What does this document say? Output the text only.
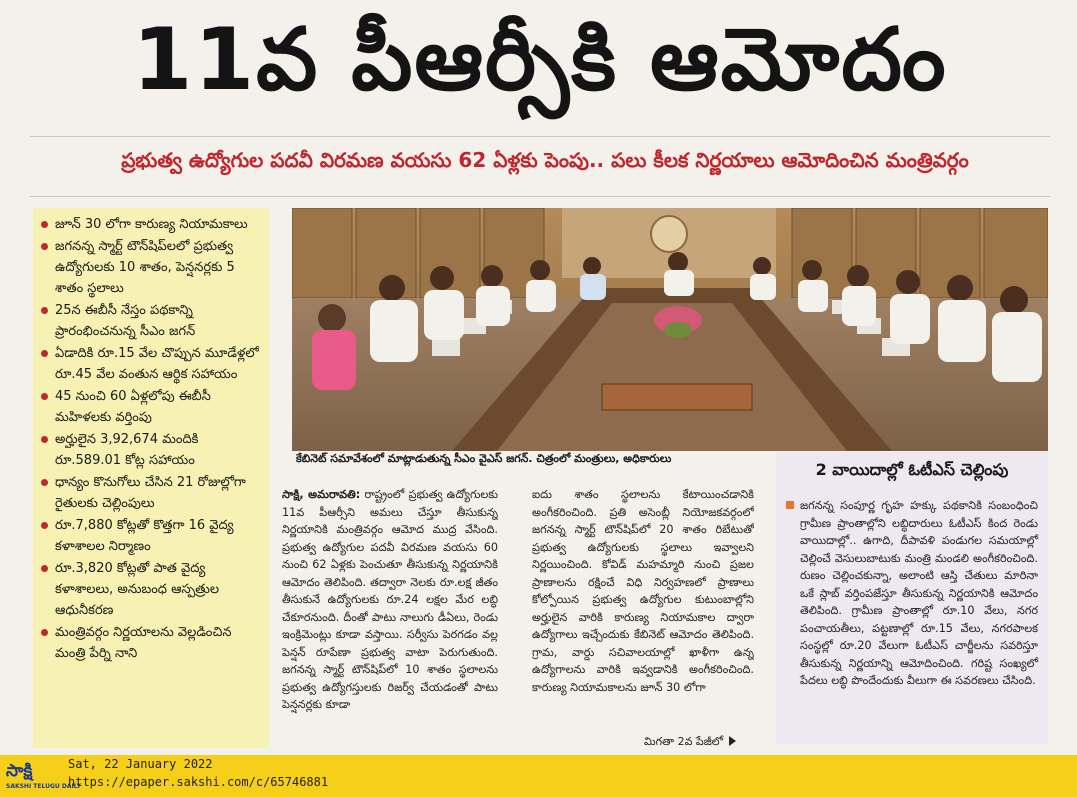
11వ పీఆర్సీకి ఆమోదం
ప్రభుత్వ ఉద్యోగుల పదవీ విరమణ వయసు 62 ఏళ్లకు పెంపు.. పలు కీలక నిర్ణయాలు ఆమోదించిన మంత్రివర్గం
జూన్ 30 లోగా కారుణ్య నియామకాలు
జగనన్న స్మార్ట్ టౌన్‌షిప్‌లలో ప్రభుత్వ ఉద్యోగులకు 10 శాతం, పెన్షనర్లకు 5 శాతం స్థలాలు
25న ఈబీసీ నేస్తం పథకాన్ని ప్రారంభించనున్న సీఎం జగన్
ఏడాదికి రూ.15 వేల చొప్పున మూడేళ్లలో రూ.45 వేల వంతున ఆర్థిక సహాయం
45 నుంచి 60 ఏళ్లలోపు ఈబీసీ మహిళలకు వర్తింపు
అర్హులైన 3,92,674 మందికి రూ.589.01 కోట్ల సహాయం
ధాన్యం కొనుగోలు చేసిన 21 రోజుల్లోగా రైతులకు చెల్లింపులు
రూ.7,880 కోట్లతో కొత్తగా 16 వైద్య కళాశాలల నిర్మాణం
రూ.3,820 కోట్లతో పాత వైద్య కళాశాలలు, అనుబంధ ఆస్పత్రుల ఆధునీకరణ
మంత్రివర్గం నిర్ణయాలను వెల్లడించిన మంత్రి పేర్ని నాని
కేబినెట్ సమావేశంలో మాట్లాడుతున్న సీఎం వైఎస్ జగన్. చిత్రంలో మంత్రులు, అధికారులు
సాక్షి, అమరావతి: రాష్ట్రంలో ప్రభుత్వ ఉద్యోగులకు 11వ పీఆర్సీని అమలు చేస్తూ తీసుకున్న నిర్ణయానికి మంత్రివర్గం ఆమోద ముద్ర వేసింది. ప్రభుత్వ ఉద్యోగుల పదవీ విరమణ వయసు 60 నుంచి 62 ఏళ్లకు పెంచుతూ తీసుకున్న నిర్ణయానికి ఆమోదం తెలిపింది. తద్వారా నెలకు రూ.లక్ష జీతం తీసుకునే ఉద్యోగులకు రూ.24 లక్షల మేర లబ్ధి చేకూరనుంది. దీంతో పాటు నాలుగు డీఏలు, రెండు ఇంక్రిమెంట్లు కూడా వస్తాయి. సర్వీసు పెరగడం వల్ల పెన్షన్ రూపేణా ప్రభుత్వ వాటా పెరుగుతుంది. జగనన్న స్మార్ట్ టౌన్‌షిప్‌లో 10 శాతం స్థలాలను ప్రభుత్వ ఉద్యోగస్తులకు రిజర్వ్ చేయడంతో పాటు పెన్షనర్లకు కూడా
ఐదు శాతం స్థలాలను కేటాయించడానికి అంగీకరించింది. ప్రతి అసెంబ్లీ నియోజకవర్గంలో జగనన్న స్మార్ట్ టౌన్‌షిప్‌లో 20 శాతం రిబేటుతో ప్రభుత్వ ఉద్యోగులకు స్థలాలు ఇవ్వాలని నిర్ణయించింది. కోవిడ్ మహమ్మారి నుంచి ప్రజల ప్రాణాలను రక్షించే విధి నిర్వహణలో ప్రాణాలు కోల్పోయిన ప్రభుత్వ ఉద్యోగుల కుటుంబాల్లోని అర్హులైన వారికి కారుణ్య నియామకాల ద్వారా ఉద్యోగాలు ఇచ్చేందుకు కేబినెట్ ఆమోదం తెలిపింది. గ్రామ, వార్డు సచివాలయాల్లో ఖాళీగా ఉన్న ఉద్యోగాలను వారికి ఇవ్వడానికి అంగీకరించింది. కారుణ్య నియామకాలను జూన్ 30 లోగా
మిగతా 2వ పేజీలో
2 వాయిదాల్లో ఓటీఎస్ చెల్లింపు
జగనన్న సంపూర్ణ గృహ హక్కు పథకానికి సంబంధించి గ్రామీణ ప్రాంతాల్లోని లబ్ధిదారులు ఓటీఎస్ కింద రెండు వాయిదాల్లో.. ఉగాది, దీపావళి పండుగల సమయాల్లో చెల్లించే వెసులుబాటుకు మంత్రి మండలి అంగీకరించింది. రుణం చెల్లించకున్నా, అలాంటి ఆస్తి చేతులు మారినా ఒకే స్లాబ్ వర్తింపజేస్తూ తీసుకున్న నిర్ణయానికి ఆమోదం తెలిపింది. గ్రామీణ ప్రాంతాల్లో రూ.10 వేలు, నగర పంచాయతీలు, పట్టణాల్లో రూ.15 వేలు, నగరపాలక సంస్థల్లో రూ.20 వేలుగా ఓటీఎస్ చార్జీలను సవరిస్తూ తీసుకున్న నిర్ణయాన్ని ఆమోదించింది. గరిష్ట సంఖ్యలో పేదలు లబ్ధి పొందేందుకు వీలుగా ఈ సవరణలు చేసింది.
సాక్షి
SAKSHI TELUGU DAILY
Sat, 22 January 2022
https://epaper.sakshi.com/c/65746881
